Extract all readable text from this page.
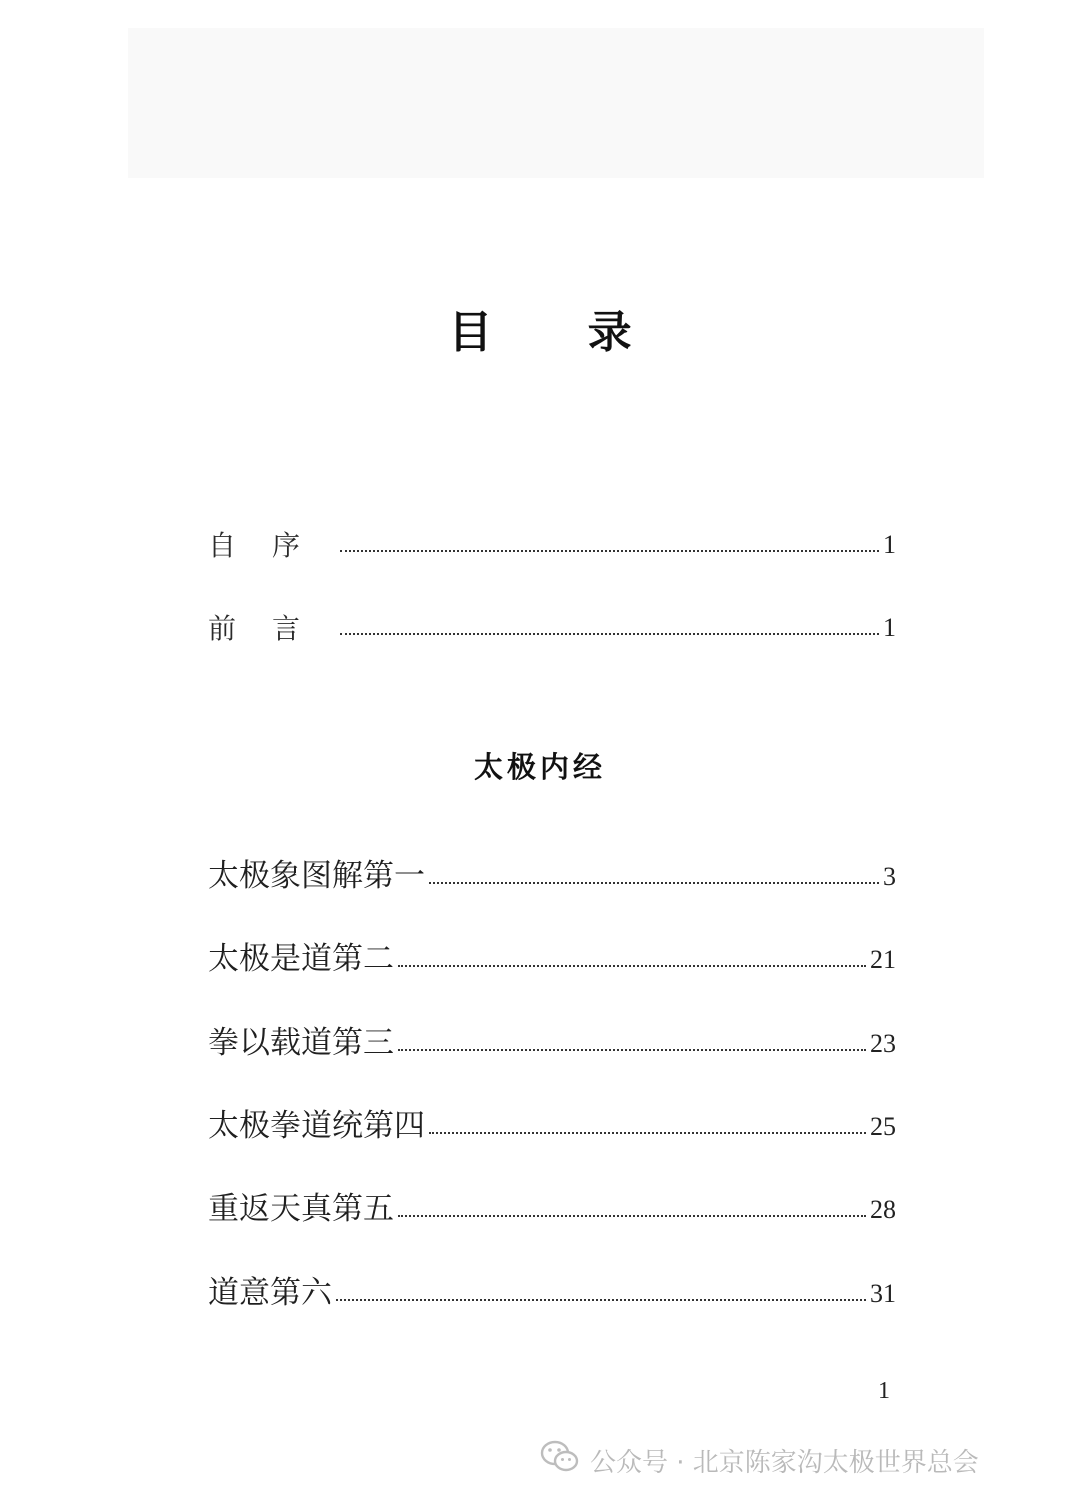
目 录
自序	1
前言	1
太极内经
太极象图解第一	3
太极是道第二	21
拳以载道第三	23
太极拳道统第四	25
重返天真第五	28
道意第六	31
1
公众号 · 北京陈家沟太极世界总会
